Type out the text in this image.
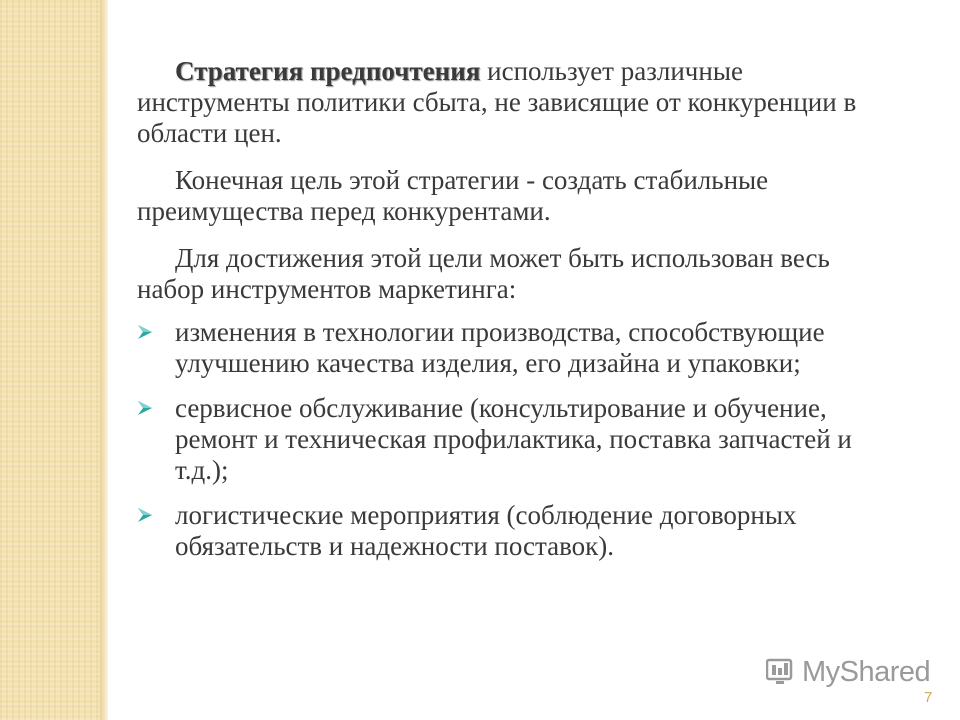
Стратегия предпочтения использует различные инструменты политики сбыта, не зависящие от конкуренции в области цен.

Конечная цель этой стратегии - создать стабильные преимущества перед конкурентами.

Для достижения этой цели может быть использован весь набор инструментов маркетинга:

изменения в технологии производства, способствующие улучшению качества изделия, его дизайна и упаковки;
сервисное обслуживание (консультирование и обучение, ремонт и техническая профилактика, поставка запчастей и т.д.);
логистические мероприятия (соблюдение договорных обязательств и надежности поставок).
MyShared
7
